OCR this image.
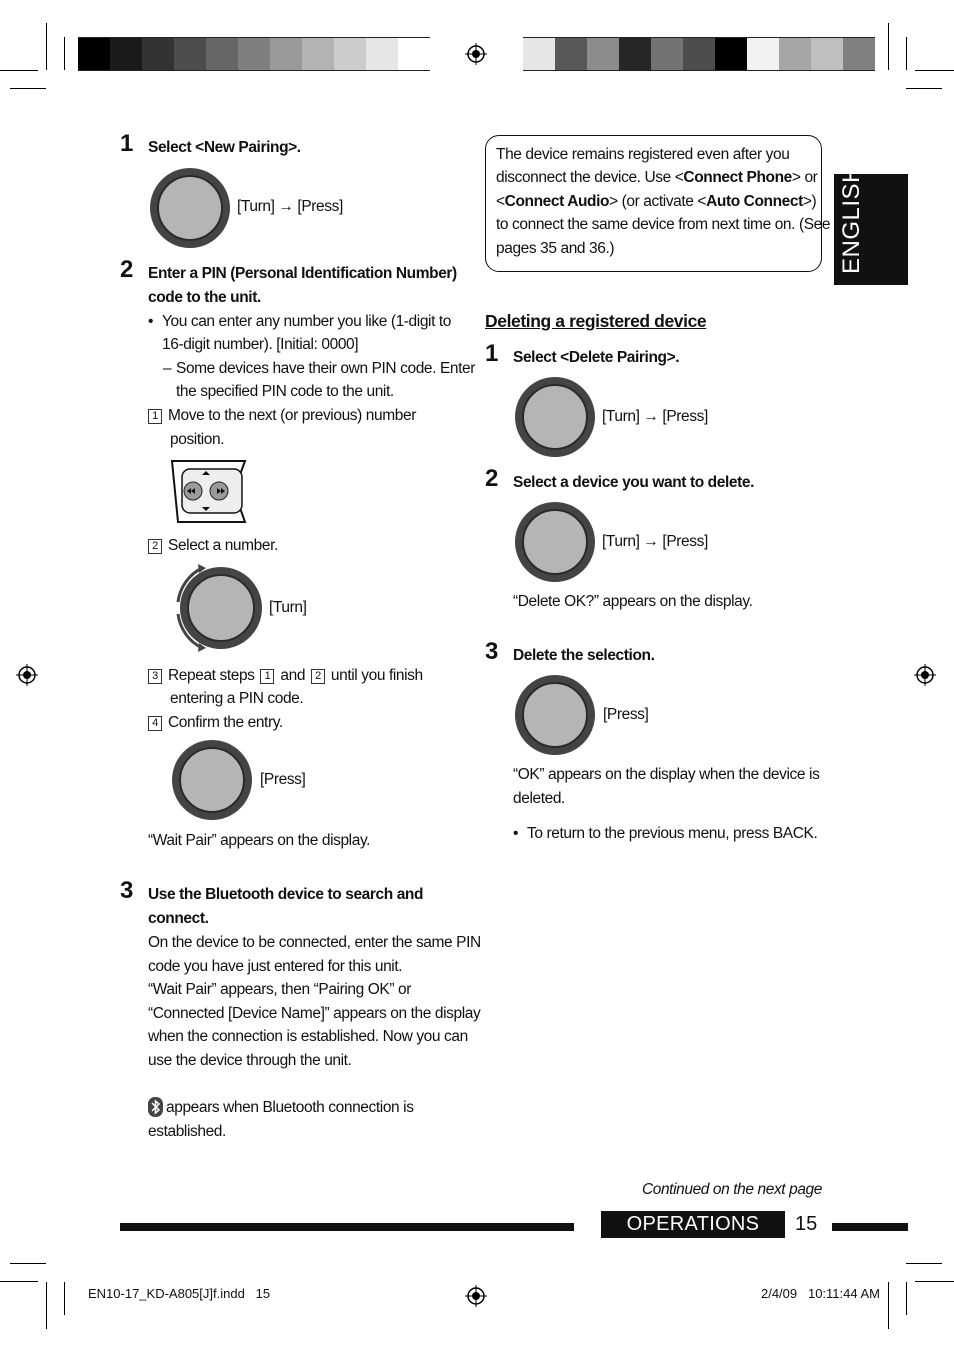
ENGLISH
1 Select <New Pairing>.
[Turn] → [Press]
2 Enter a PIN (Personal Identification Number)
code to the unit.
• You can enter any number you like (1-digit to
16-digit number). [Initial: 0000]
– Some devices have their own PIN code. Enter
the specified PIN code to the unit.
1 Move to the next (or previous) number
position.
2 Select a number.
[Turn]
3 Repeat steps 1 and 2 until you finish
entering a PIN code.
4 Confirm the entry.
[Press]
“Wait Pair” appears on the display.
3 Use the Bluetooth device to search and
connect.
On the device to be connected, enter the same PIN
code you have just entered for this unit.
“Wait Pair” appears, then “Pairing OK” or
“Connected [Device Name]” appears on the display
when the connection is established. Now you can
use the device through the unit.
appears when Bluetooth connection is
established.
The device remains registered even after you
disconnect the device. Use <Connect Phone> or
<Connect Audio> (or activate <Auto Connect>)
to connect the same device from next time on. (See
pages 35 and 36.)
Deleting a registered device
1 Select <Delete Pairing>.
[Turn] → [Press]
2 Select a device you want to delete.
[Turn] → [Press]
“Delete OK?” appears on the display.
3 Delete the selection.
[Press]
“OK” appears on the display when the device is
deleted.
• To return to the previous menu, press BACK.
Continued on the next page
OPERATIONS	15
EN10-17_KD-A805[J]f.indd   15	2/4/09   10:11:44 AM
